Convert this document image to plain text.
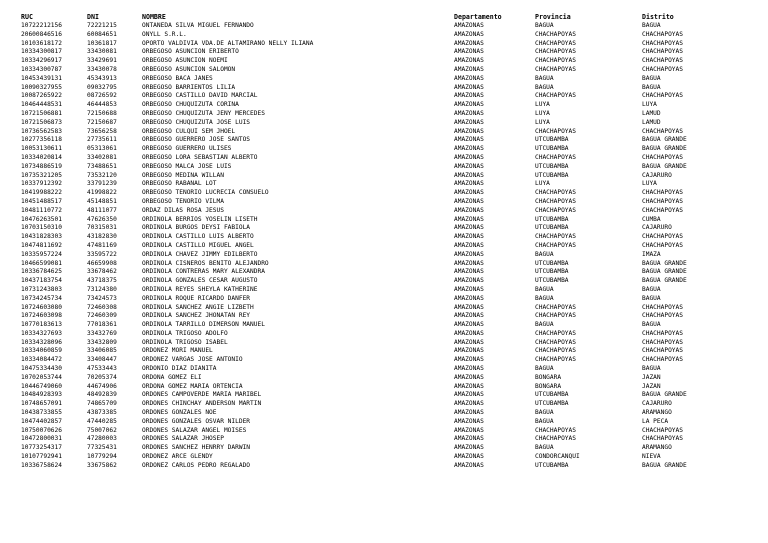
RUC	DNI	NOMBRE	Departamento	Provincia	Distrito
10722212156	72221215	ONTANEDA SILVA MIGUEL FERNANDO	AMAZONAS	BAGUA	BAGUA
20600846516	60084651	ONYLL S.R.L.	AMAZONAS	CHACHAPOYAS	CHACHAPOYAS
10103618172	10361817	OPORTO VALDIVIA VDA.DE ALTAMIRANO NELLY ILIANA	AMAZONAS	CHACHAPOYAS	CHACHAPOYAS
10334300817	33430081	ORBEGOSO ASUNCION ERIBERTO	AMAZONAS	CHACHAPOYAS	CHACHAPOYAS
10334296917	33429691	ORBEGOSO ASUNCION NOEMI	AMAZONAS	CHACHAPOYAS	CHACHAPOYAS
10334300787	33430078	ORBEGOSO ASUNCION SALOMON	AMAZONAS	CHACHAPOYAS	CHACHAPOYAS
10453439131	45343913	ORBEGOSO BACA JANES	AMAZONAS	BAGUA	BAGUA
10090327955	09032795	ORBEGOSO BARRIENTOS LILIA	AMAZONAS	BAGUA	BAGUA
10087265922	08726592	ORBEGOSO CASTILLO DAVID MARCIAL	AMAZONAS	CHACHAPOYAS	CHACHAPOYAS
10464448531	46444853	ORBEGOSO CHUQUIZUTA CORINA	AMAZONAS	LUYA	LUYA
10721506881	72150688	ORBEGOSO CHUQUIZUTA JENY MERCEDES	AMAZONAS	LUYA	LAMUD
10721506873	72150687	ORBEGOSO CHUQUIZUTA JOSE LUIS	AMAZONAS	LUYA	LAMUD
10736562583	73656258	ORBEGOSO CULQUI SEM JHOEL	AMAZONAS	CHACHAPOYAS	CHACHAPOYAS
10277356118	27735611	ORBEGOSO GUERRERO JOSE SANTOS	AMAZONAS	UTCUBAMBA	BAGUA GRANDE
10053130611	05313061	ORBEGOSO GUERRERO ULISES	AMAZONAS	UTCUBAMBA	BAGUA GRANDE
10334020814	33402081	ORBEGOSO LORA SEBASTIAN ALBERTO	AMAZONAS	CHACHAPOYAS	CHACHAPOYAS
10734886519	73488651	ORBEGOSO MALCA JOSE LUIS	AMAZONAS	UTCUBAMBA	BAGUA GRANDE
10735321205	73532120	ORBEGOSO MEDINA WILLAN	AMAZONAS	UTCUBAMBA	CAJARURO
10337912392	33791239	ORBEGOSO RABANAL LOT	AMAZONAS	LUYA	LUYA
10419988222	41998822	ORBEGOSO TENORIO LUCRECIA CONSUELO	AMAZONAS	CHACHAPOYAS	CHACHAPOYAS
10451488517	45148851	ORBEGOSO TENORIO VILMA	AMAZONAS	CHACHAPOYAS	CHACHAPOYAS
10481110772	48111077	ORDAZ DILAS ROSA JESUS	AMAZONAS	CHACHAPOYAS	CHACHAPOYAS
10476263501	47626350	ORDINOLA BERRIOS YOSELIN LISETH	AMAZONAS	UTCUBAMBA	CUMBA
10703150310	70315031	ORDINOLA BURGOS DEYSI FABIOLA	AMAZONAS	UTCUBAMBA	CAJARURO
10431828303	43182830	ORDINOLA CASTILLO LUIS ALBERTO	AMAZONAS	CHACHAPOYAS	CHACHAPOYAS
10474811692	47481169	ORDINOLA CASTILLO MIGUEL ANGEL	AMAZONAS	CHACHAPOYAS	CHACHAPOYAS
10335957224	33595722	ORDINOLA CHAVEZ JIMMY EDILBERTO	AMAZONAS	BAGUA	IMAZA
10466599081	46659908	ORDINOLA CISNEROS BENITO ALEJANDRO	AMAZONAS	UTCUBAMBA	BAGUA GRANDE
10336784625	33678462	ORDINOLA CONTRERAS MARY ALEXANDRA	AMAZONAS	UTCUBAMBA	BAGUA GRANDE
10437183754	43718375	ORDINOLA GONZALES CESAR AUGUSTO	AMAZONAS	UTCUBAMBA	BAGUA GRANDE
10731243803	73124380	ORDINOLA REYES SHEYLA KATHERINE	AMAZONAS	BAGUA	BAGUA
10734245734	73424573	ORDINOLA ROQUE RICARDO DANFER	AMAZONAS	BAGUA	BAGUA
10724603080	72460308	ORDINOLA SANCHEZ ANGIE LIZBETH	AMAZONAS	CHACHAPOYAS	CHACHAPOYAS
10724603098	72460309	ORDINOLA SANCHEZ JHONATAN REY	AMAZONAS	CHACHAPOYAS	CHACHAPOYAS
10770183613	77018361	ORDINOLA TARRILLO DIMERSON MANUEL	AMAZONAS	BAGUA	BAGUA
10334327693	33432769	ORDINOLA TRIGOSO ADOLFO	AMAZONAS	CHACHAPOYAS	CHACHAPOYAS
10334328096	33432809	ORDINOLA TRIGOSO ISABEL	AMAZONAS	CHACHAPOYAS	CHACHAPOYAS
10334060859	33406085	ORDONEZ MORI MANUEL	AMAZONAS	CHACHAPOYAS	CHACHAPOYAS
10334084472	33408447	ORDONEZ VARGAS JOSE ANTONIO	AMAZONAS	CHACHAPOYAS	CHACHAPOYAS
10475334430	47533443	ORDONIO DIAZ DIANITA	AMAZONAS	BAGUA	BAGUA
10702053744	70205374	ORDOÑA GOMEZ ELI	AMAZONAS	BONGARA	JAZAN
10446749060	44674906	ORDOÑA GOMEZ MARIA ORTENCIA	AMAZONAS	BONGARA	JAZAN
10484928393	48492839	ORDOÑES CAMPOVERDE MARIA MARIBEL	AMAZONAS	UTCUBAMBA	BAGUA GRANDE
10748657091	74865709	ORDOÑES CHINCHAY ANDERSON MARTIN	AMAZONAS	UTCUBAMBA	CAJARURO
10438733855	43873385	ORDOÑES GONZALES NOE	AMAZONAS	BAGUA	ARAMANGO
10474402857	47440285	ORDOÑES GONZALES OSVAR NILDER	AMAZONAS	BAGUA	LA PECA
10750070626	75007062	ORDOÑES SALAZAR ANGEL MOISES	AMAZONAS	CHACHAPOYAS	CHACHAPOYAS
10472800031	47280003	ORDOÑES SALAZAR JHOSEP	AMAZONAS	CHACHAPOYAS	CHACHAPOYAS
10773254317	77325431	ORDOÑES SANCHEZ HENRRY DARWIN	AMAZONAS	BAGUA	ARAMANGO
10107792941	10779294	ORDOÑEZ ARCE GLENDY	AMAZONAS	CONDORCANQUI	NIEVA
10336758624	33675862	ORDOÑEZ CARLOS PEDRO REGALADO	AMAZONAS	UTCUBAMBA	BAGUA GRANDE
